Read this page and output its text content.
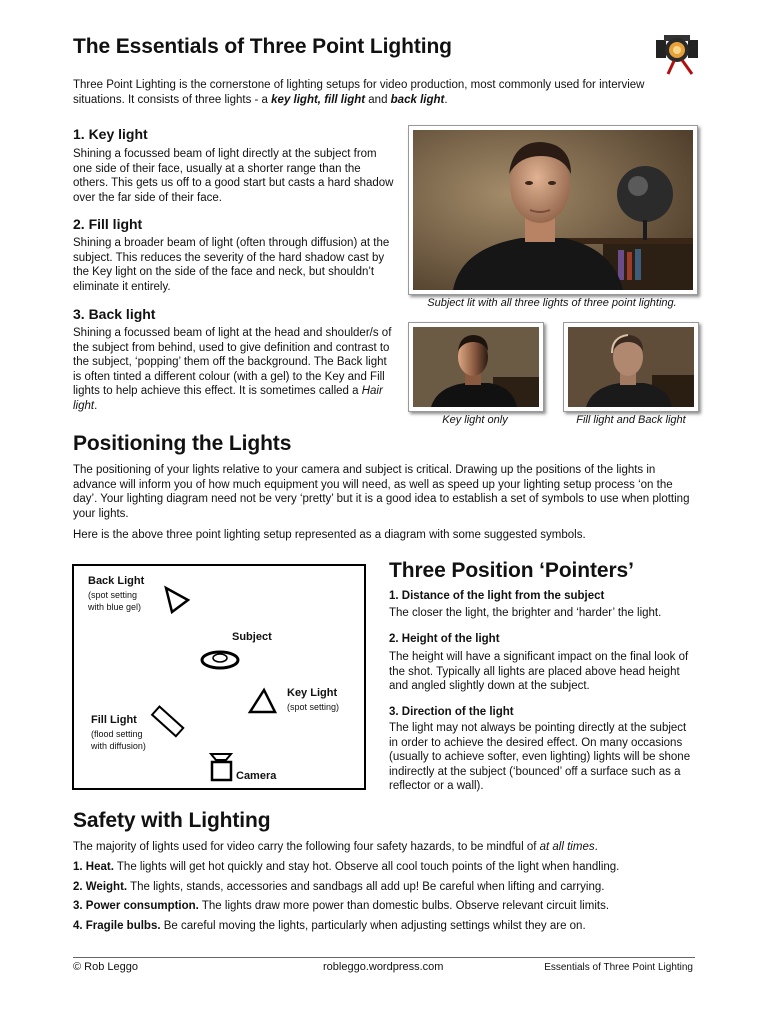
The Essentials of Three Point Lighting

Three Point Lighting is the cornerstone of lighting setups for video production, most commonly used for interview situations. It consists of three lights - a key light, fill light and back light.

1. Key light

Shining a focussed beam of light directly at the subject from one side of their face, usually at a shorter range than the others. This gets us off to a good start but casts a hard shadow over the far side of their face.

2. Fill light

Shining a broader beam of light (often through diffusion) at the subject. This reduces the severity of the hard shadow cast by the Key light on the side of the face and neck, but shouldn’t eliminate it entirely.

3. Back light

Shining a focussed beam of light at the head and shoulder/s of the subject from behind, used to give definition and contrast to the subject, ‘popping’ them off the background. The Back light is often tinted a different colour (with a gel) to the Key and Fill lights to help achieve this effect. It is sometimes called a Hair light.

Subject lit with all three lights of three point lighting.
Key light only	Fill light and Back light
Positioning the Lights

The positioning of your lights relative to your camera and subject is critical. Drawing up the positions of the lights in advance will inform you of how much equipment you will need, as well as speed up your lighting setup process ‘on the day’. Your lighting diagram need not be very ‘pretty’ but it is a good idea to establish a set of symbols to use when plotting your lights.

Here is the above three point lighting setup represented as a diagram with some suggested symbols.

Back Light
(spot setting
with blue gel)
Subject
Key Light
(spot setting)
Fill Light
(flood setting
with diffusion)
Camera
Three Position ‘Pointers’
1. Distance of the light from the subject

The closer the light, the brighter and ‘harder’ the light.

2. Height of the light

The height will have a significant impact on the final look of the shot. Typically all lights are placed above head height and angled slightly down at the subject.

3. Direction of the light

The light may not always be pointing directly at the subject in order to achieve the desired effect. On many occasions (usually to achieve softer, even lighting) lights will be shone indirectly at the subject (‘bounced’ off a surface such as a reflector or a wall).

Safety with Lighting

The majority of lights used for video carry the following four safety hazards, to be mindful of at all times.

1. Heat. The lights will get hot quickly and stay hot. Observe all cool touch points of the light when handling.

2. Weight. The lights, stands, accessories and sandbags all add up! Be careful when lifting and carrying.

3. Power consumption. The lights draw more power than domestic bulbs. Observe relevant circuit limits.

4. Fragile bulbs. Be careful moving the lights, particularly when adjusting settings whilst they are on.

© Rob Leggo	robleggo.wordpress.com	Essentials of Three Point Lighting
